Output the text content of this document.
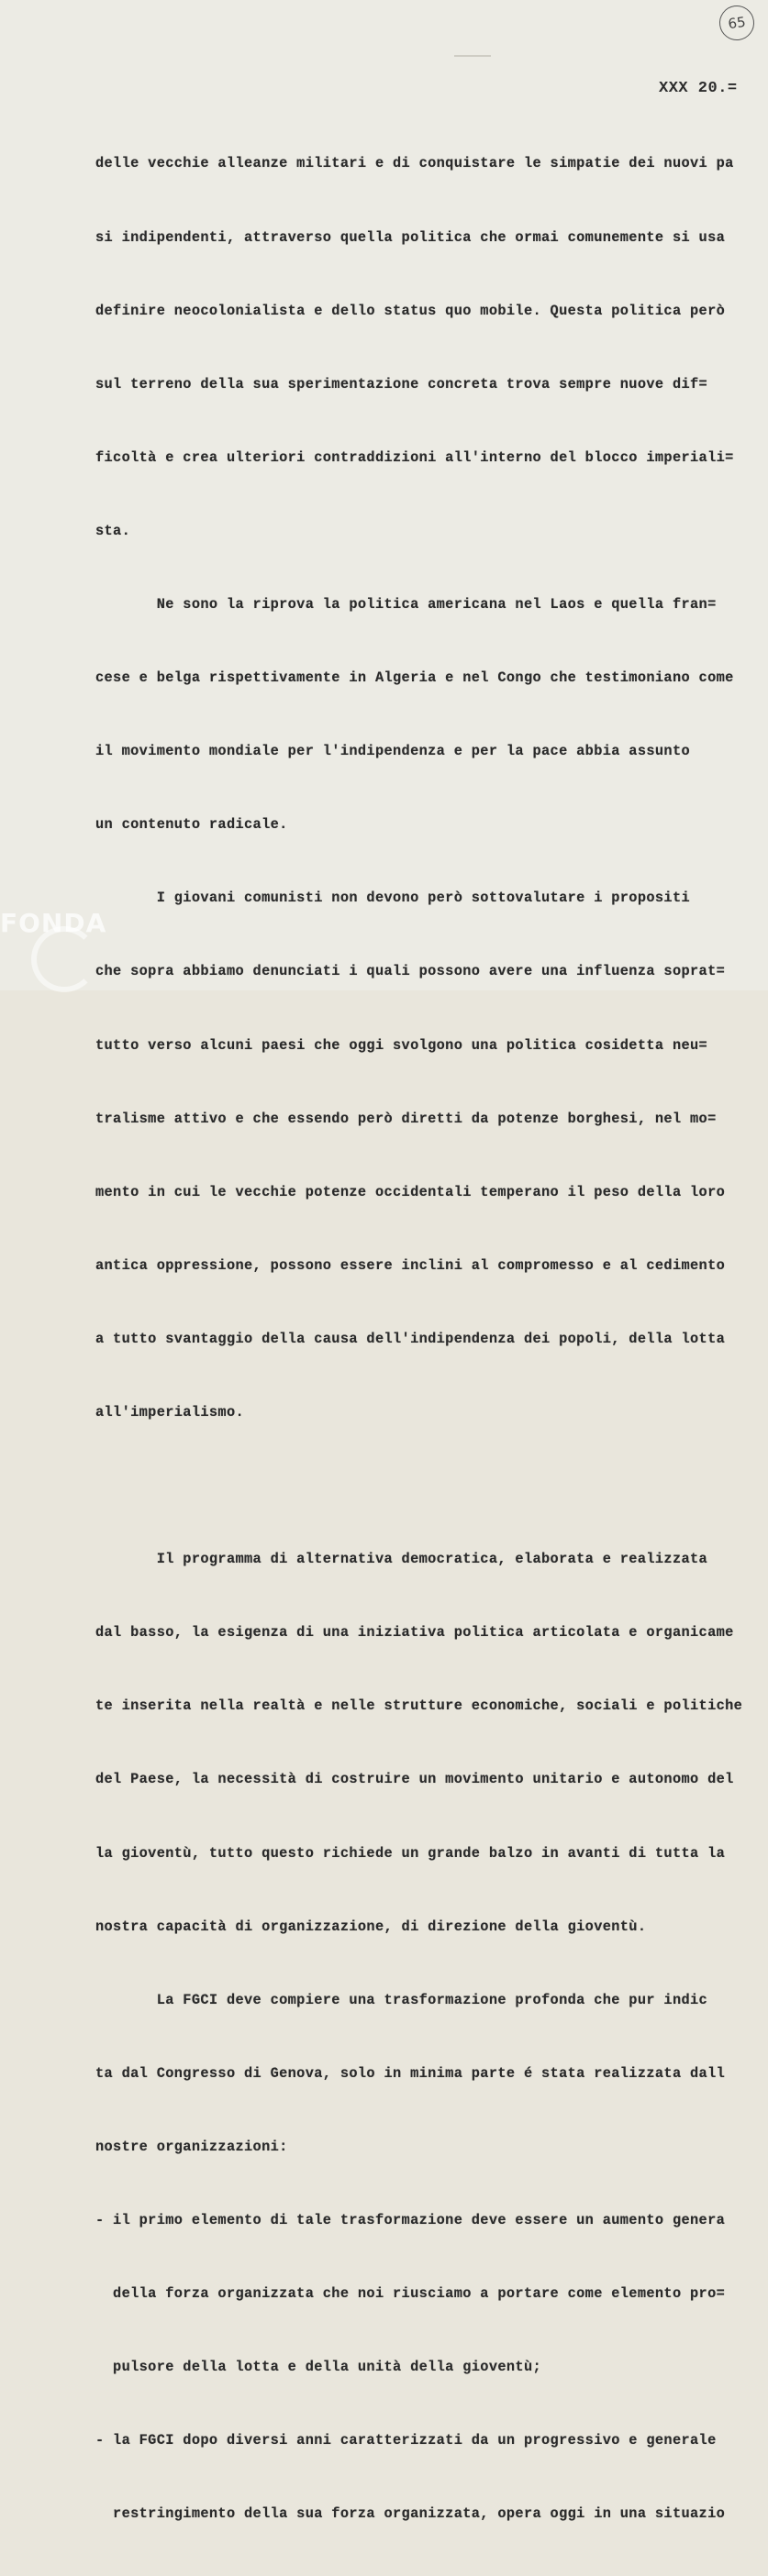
65
XXX 20.=

delle vecchie alleanze militari e di conquistare le simpatie dei nuovi pa

si indipendenti, attraverso quella politica che ormai comunemente si usa

definire neocolonialista e dello status quo mobile. Questa politica però

sul terreno della sua sperimentazione concreta trova sempre nuove dif=

ficoltà e crea ulteriori contraddizioni all'interno del blocco imperiali=

sta.

Ne sono la riprova la politica americana nel Laos e quella fran=

cese e belga rispettivamente in Algeria e nel Congo che testimoniano come

il movimento mondiale per l'indipendenza e per la pace abbia assunto

un contenuto radicale.

I giovani comunisti non devono però sottovalutare i propositi

che sopra abbiamo denunciati i quali possono avere una influenza soprat=

tutto verso alcuni paesi che oggi svolgono una politica cosidetta neu=

tralisme attivo e che essendo però diretti da potenze borghesi, nel mo=

mento in cui le vecchie potenze occidentali temperano il peso della loro

antica oppressione, possono essere inclini al compromesso e al cedimento

a tutto svantaggio della causa dell'indipendenza dei popoli, della lotta

all'imperialismo.

Il programma di alternativa democratica, elaborata e realizzata

dal basso, la esigenza di una iniziativa politica articolata e organicame

te inserita nella realtà e nelle strutture economiche, sociali e politiche

del Paese, la necessità di costruire un movimento unitario e autonomo del

la gioventù, tutto questo richiede un grande balzo in avanti di tutta la

nostra capacità di organizzazione, di direzione della gioventù.

La FGCI deve compiere una trasformazione profonda che pur indic

ta dal Congresso di Genova, solo in minima parte é stata realizzata dall

nostre organizzazioni:

- il primo elemento di tale trasformazione deve essere un aumento genera

della forza organizzata che noi riusciamo a portare come elemento pro=

pulsore della lotta e della unità della gioventù;

- la FGCI dopo diversi anni caratterizzati da un progressivo e generale

restringimento della sua forza organizzata, opera oggi in una situazio

FONDA
